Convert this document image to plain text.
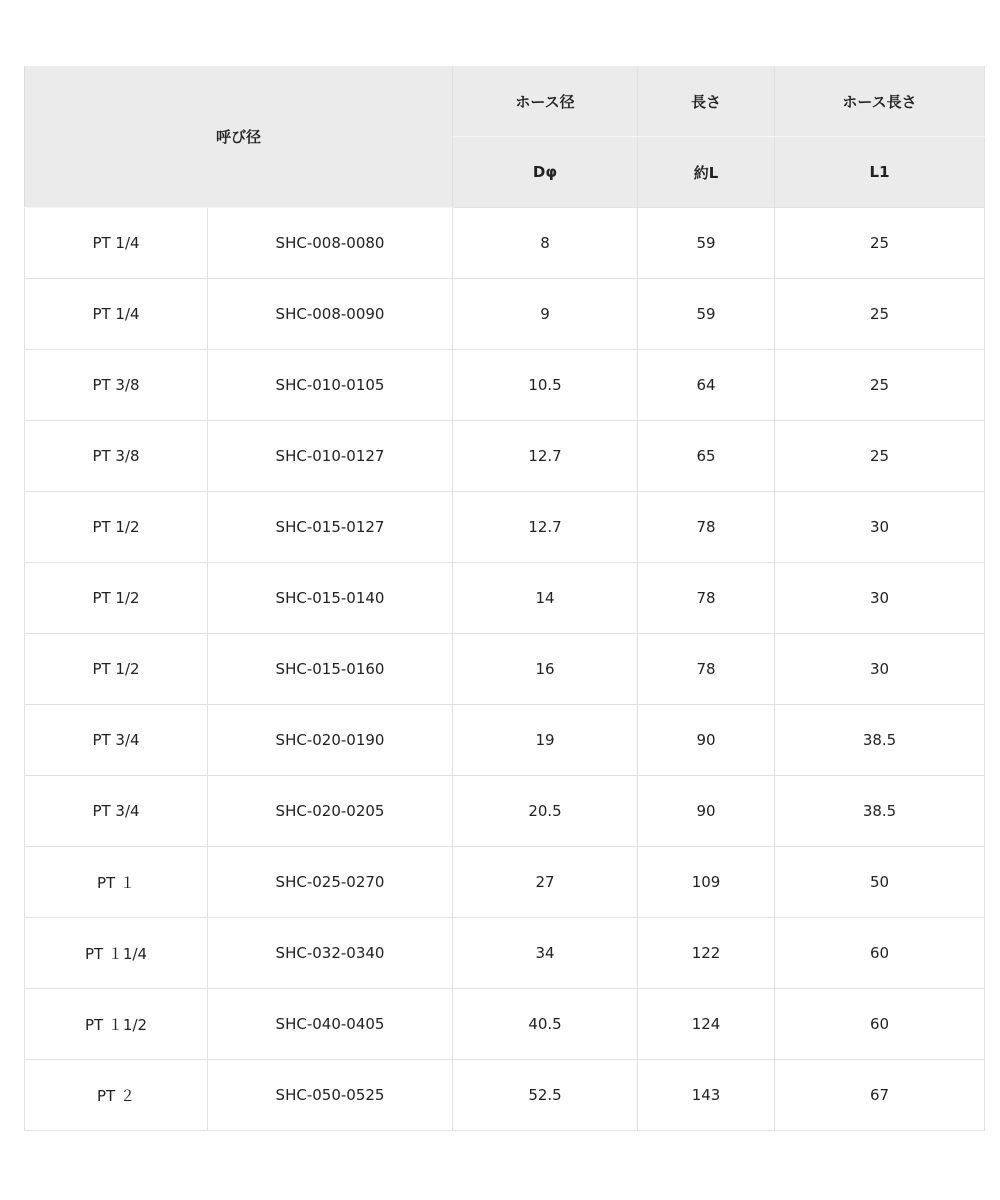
呼び径		ホース径	長さ	ホース長さ
		Dφ	約L	L1
PT 1/4	SHC-008-0080	8	59	25
PT 1/4	SHC-008-0090	9	59	25
PT 3/8	SHC-010-0105	10.5	64	25
PT 3/8	SHC-010-0127	12.7	65	25
PT 1/2	SHC-015-0127	12.7	78	30
PT 1/2	SHC-015-0140	14	78	30
PT 1/2	SHC-015-0160	16	78	30
PT 3/4	SHC-020-0190	19	90	38.5
PT 3/4	SHC-020-0205	20.5	90	38.5
PT １	SHC-025-0270	27	109	50
PT １1/4	SHC-032-0340	34	122	60
PT １1/2	SHC-040-0405	40.5	124	60
PT ２	SHC-050-0525	52.5	143	67
